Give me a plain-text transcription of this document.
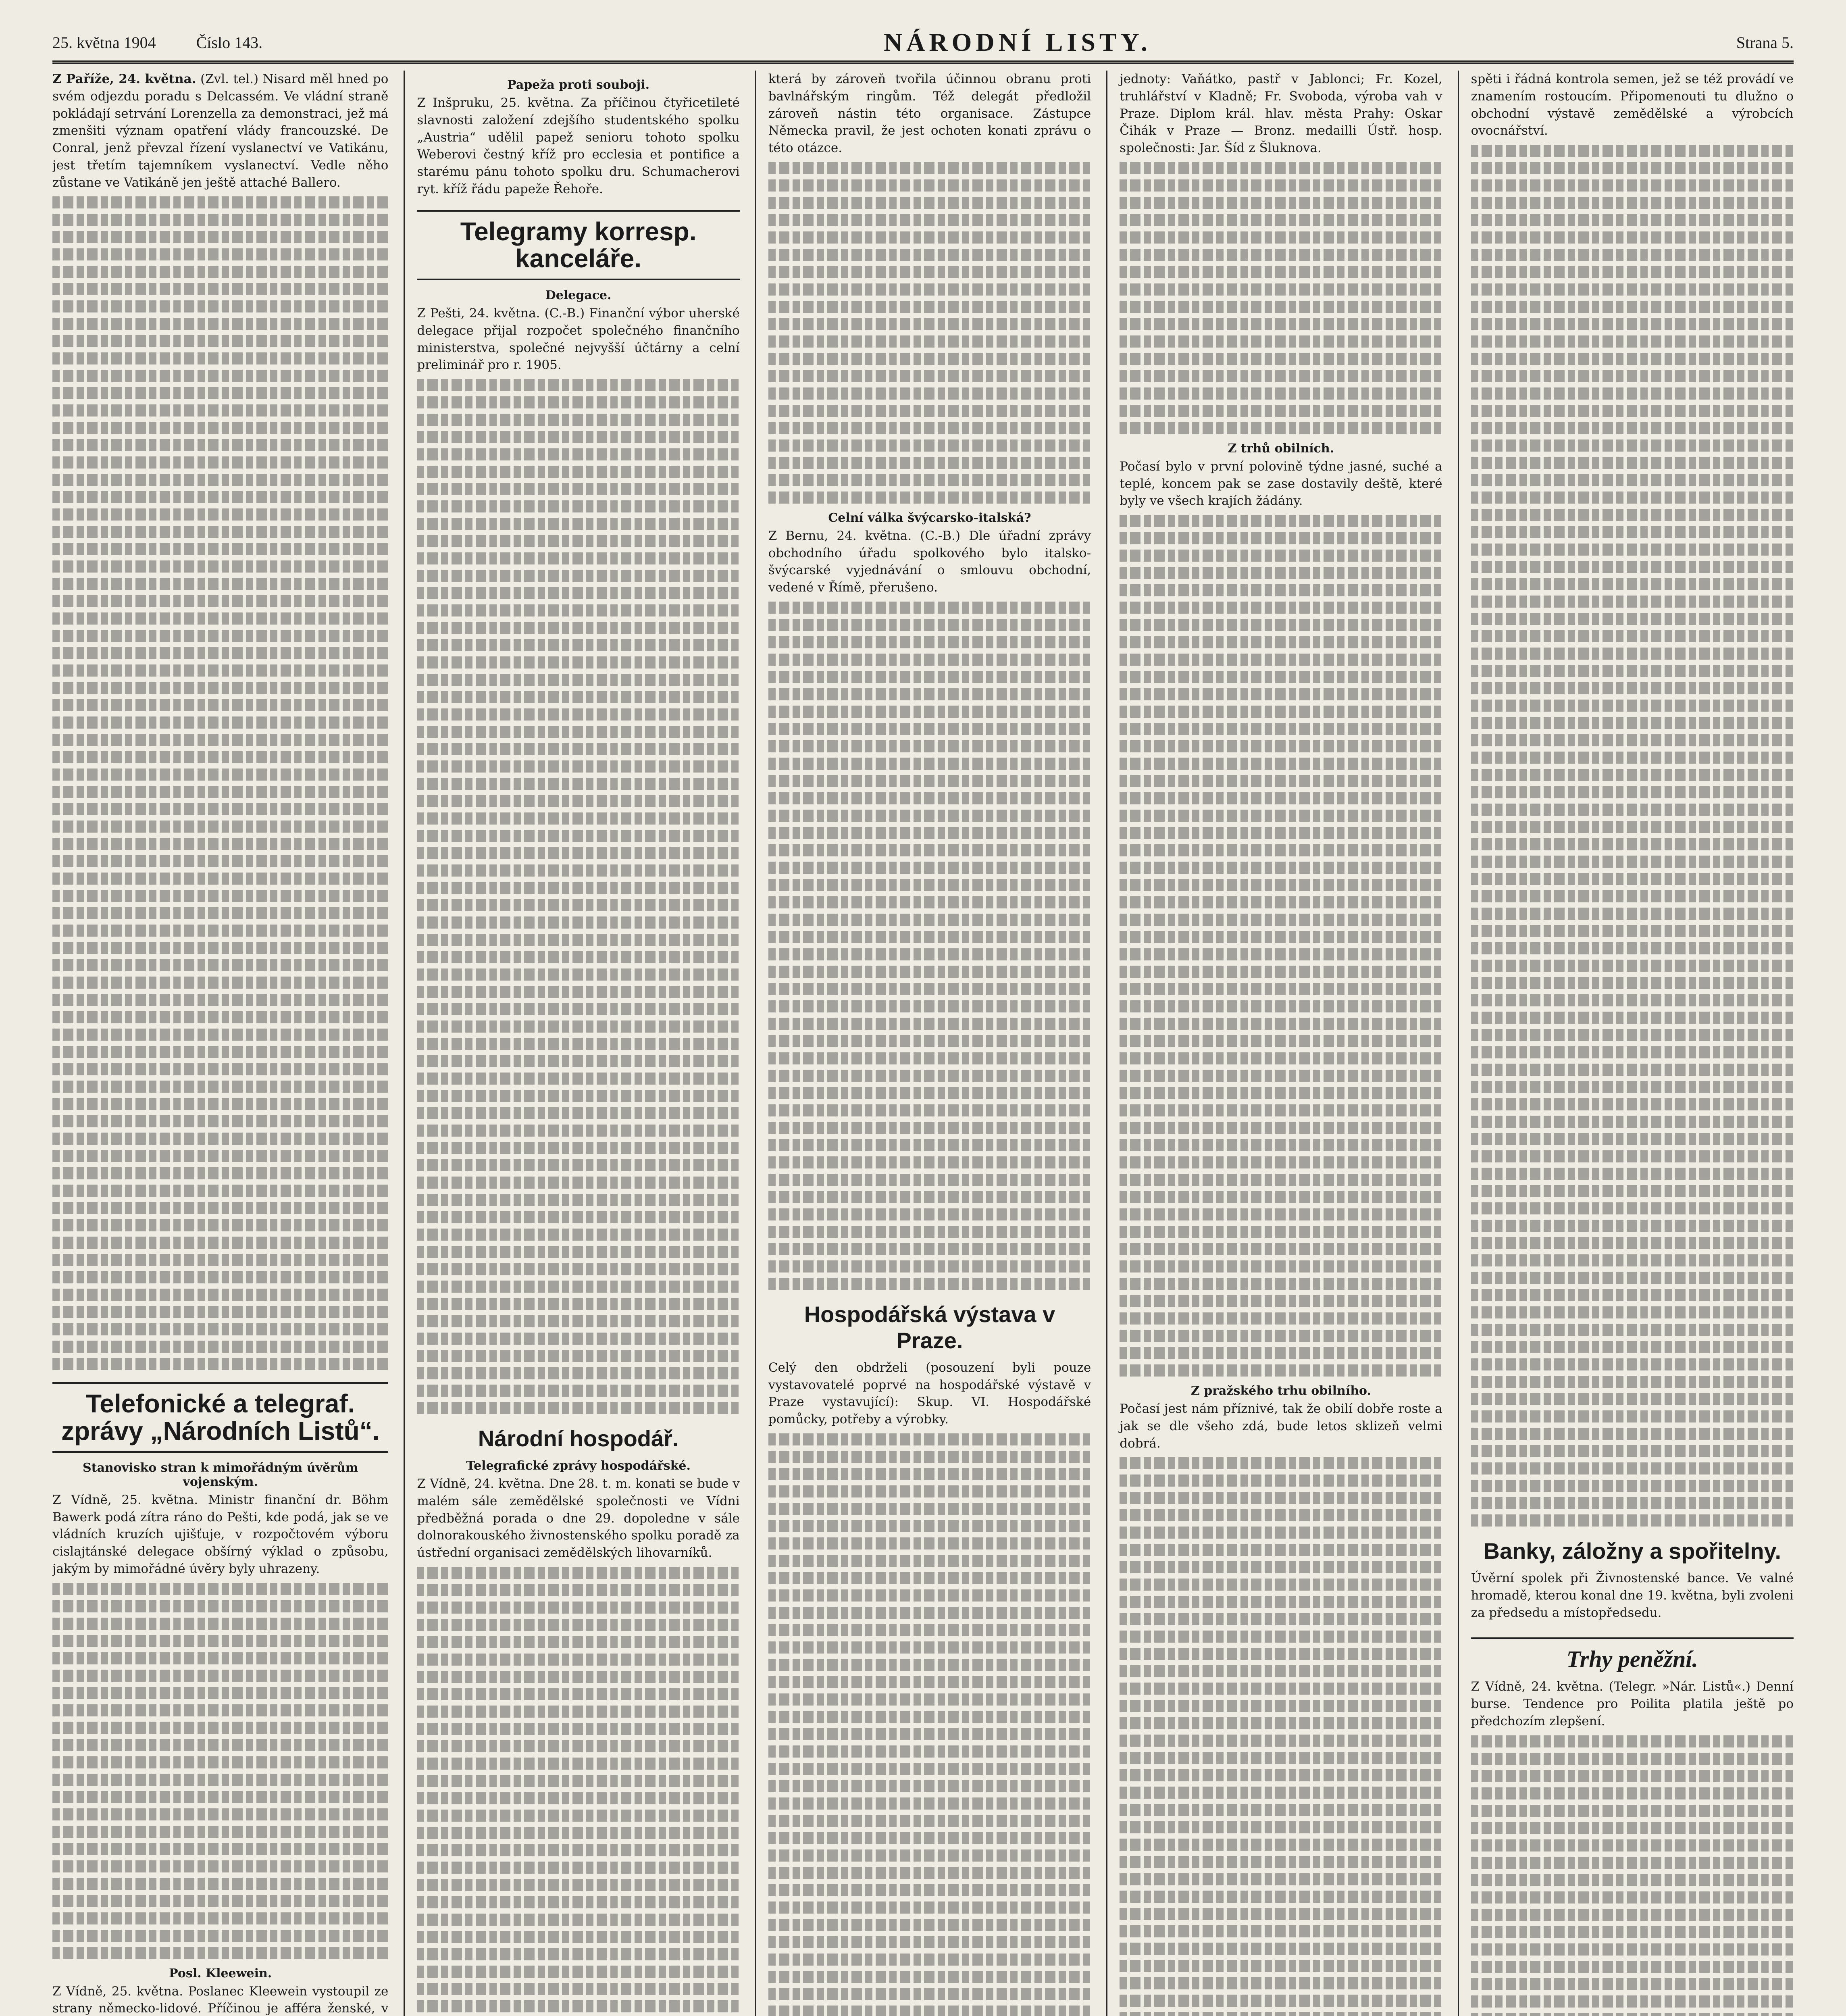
25. května 1904	Číslo 143.	NÁRODNÍ LISTY.	Strana 5.

Z Paříže, 24. května. (Zvl. tel.) Nisard měl hned po svém odjezdu poradu s Delcassém. Ve vládní straně pokládají setrvání Lorenzella za demonstraci, jež má zmenšiti význam opatření vlády francouzské. De Conral, jenž převzal řízení vyslanectví ve Vatikánu, jest třetím tajemníkem vyslanectví. Vedle něho zůstane ve Vatikáně jen ještě attaché Ballero.

Telefonické a telegraf. zprávy „Národních Listů“.
Stanovisko stran k mimořádným úvěrům vojenským.

Z Vídně, 25. května. Ministr finanční dr. Böhm Bawerk podá zítra ráno do Pešti, kde podá, jak se ve vládních kruzích ujišťuje, v rozpočtovém výboru cislajtánské delegace obšírný výklad o způsobu, jakým by mimořádné úvěry byly uhrazeny.

Posl. Kleewein.

Z Vídně, 25. května. Poslanec Kleewein vystoupil ze strany německo-lidové. Příčinou je afféra ženské, v

Papeža proti souboji.

Z Inšpruku, 25. května. Za příčinou čtyřicetileté slavnosti založení zdejšího studentského spolku „Austria“ udělil papež senioru tohoto spolku Weberovi čestný kříž pro ecclesia et pontifice a starému pánu tohoto spolku dru. Schumacherovi ryt. kříž řádu papeže Řehoře.

Telegramy korresp. kanceláře.
Delegace.

Z Pešti, 24. května. (C.-B.) Finanční výbor uherské delegace přijal rozpočet společného finančního ministerstva, společné nejvyšší účtárny a celní preliminář pro r. 1905.

Národní hospodář.
Telegrafické zprávy hospodářské.

Z Vídně, 24. května. Dne 28. t. m. konati se bude v malém sále zemědělské společnosti ve Vídni předběžná porada o dne 29. dopoledne v sále dolnorakouského živnostenského spolku poradě za ústřední organisaci zemědělských lihovarníků.

která by zároveň tvořila účinnou obranu proti bavlnářským ringům. Též delegát předložil zároveň nástin této organisace. Zástupce Německa pravil, že jest ochoten konati zprávu o této otázce.

Celní válka švýcarsko-italská?

Z Bernu, 24. května. (C.-B.) Dle úřadní zprávy obchodního úřadu spolkového bylo italsko-švýcarské vyjednávání o smlouvu obchodní, vedené v Římě, přerušeno.

Hospodářská výstava v Praze.

Celý den obdrželi (posouzení byli pouze vystavovatelé poprvé na hospodářské výstavě v Praze vystavující): Skup. VI. Hospodářské pomůcky, potřeby a výrobky.

jednoty: Vaňátko, pastř v Jablonci; Fr. Kozel, truhlářství v Kladně; Fr. Svoboda, výroba vah v Praze. Diplom král. hlav. města Prahy: Oskar Čihák v Praze — Bronz. medailli Ústř. hosp. společnosti: Jar. Šíd z Šluknova.

Z trhů obilních.

Počasí bylo v první polovině týdne jasné, suché a teplé, koncem pak se zase dostavily deště, které byly ve všech krajích žádány.

Z pražského trhu obilního.

Počasí jest nám příznivé, tak že obilí dobře roste a jak se dle všeho zdá, bude letos sklizeň velmi dobrá.

spěti i řádná kontrola semen, jež se též provádí ve znamením rostoucím. Připomenouti tu dlužno o obchodní výstavě zemědělské a výrobcích ovocnářství.

Banky, záložny a spořitelny.

Úvěrní spolek při Živnostenské bance. Ve valné hromadě, kterou konal dne 19. května, byli zvoleni za předsedu a místopředsedu.

Trhy peněžní.

Z Vídně, 24. května. (Telegr. »Nár. Listů«.) Denní burse. Tendence pro Poilita platila ještě po předchozím zlepšení.
